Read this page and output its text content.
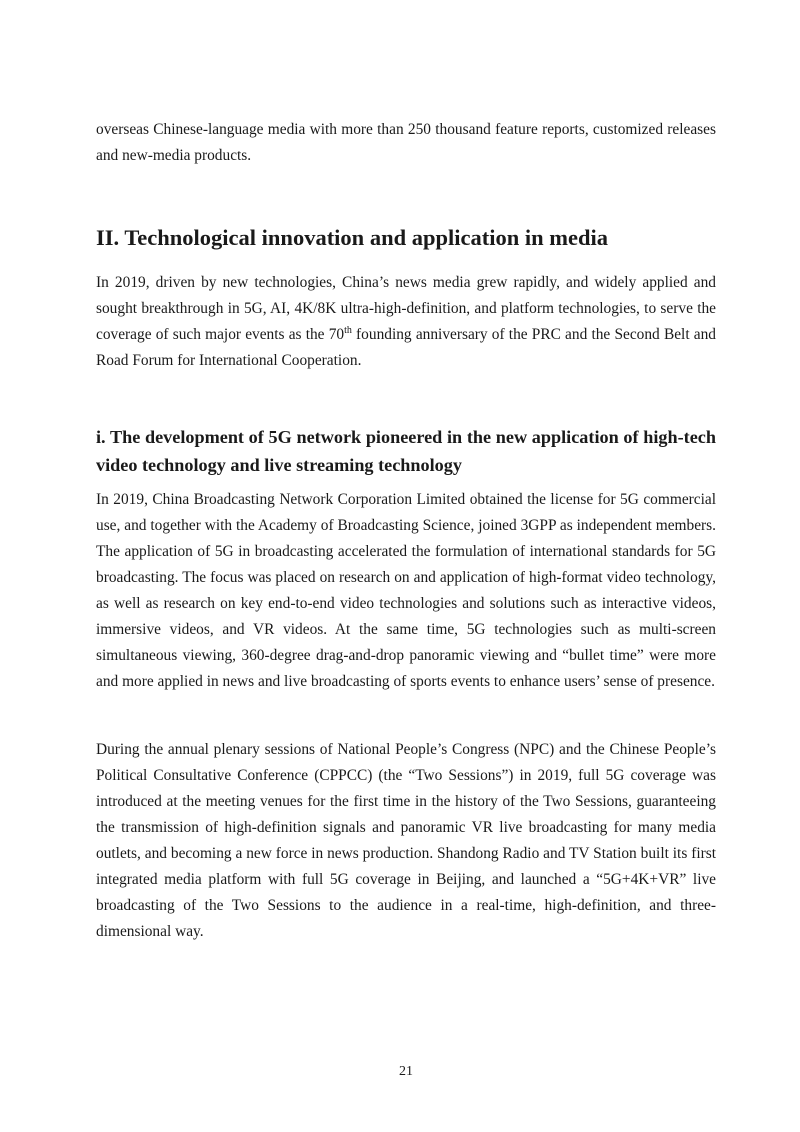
overseas Chinese-language media with more than 250 thousand feature reports, customized releases and new-media products.

II. Technological innovation and application in media

In 2019, driven by new technologies, China’s news media grew rapidly, and widely applied and sought breakthrough in 5G, AI, 4K/8K ultra-high-definition, and platform technologies, to serve the coverage of such major events as the 70th founding anniversary of the PRC and the Second Belt and Road Forum for International Cooperation.

i. The development of 5G network pioneered in the new application of high-tech video technology and live streaming technology

In 2019, China Broadcasting Network Corporation Limited obtained the license for 5G commercial use, and together with the Academy of Broadcasting Science, joined 3GPP as independent members. The application of 5G in broadcasting accelerated the formulation of international standards for 5G broadcasting. The focus was placed on research on and application of high-format video technology, as well as research on key end-to-end video technologies and solutions such as interactive videos, immersive videos, and VR videos. At the same time, 5G technologies such as multi-screen simultaneous viewing, 360-degree drag-and-drop panoramic viewing and “bullet time” were more and more applied in news and live broadcasting of sports events to enhance users’ sense of presence.

During the annual plenary sessions of National People’s Congress (NPC) and the Chinese People’s Political Consultative Conference (CPPCC) (the “Two Sessions”) in 2019, full 5G coverage was introduced at the meeting venues for the first time in the history of the Two Sessions, guaranteeing the transmission of high-definition signals and panoramic VR live broadcasting for many media outlets, and becoming a new force in news production. Shandong Radio and TV Station built its first integrated media platform with full 5G coverage in Beijing, and launched a “5G+4K+VR” live broadcasting of the Two Sessions to the audience in a real-time, high-definition, and three-dimensional way.

21
